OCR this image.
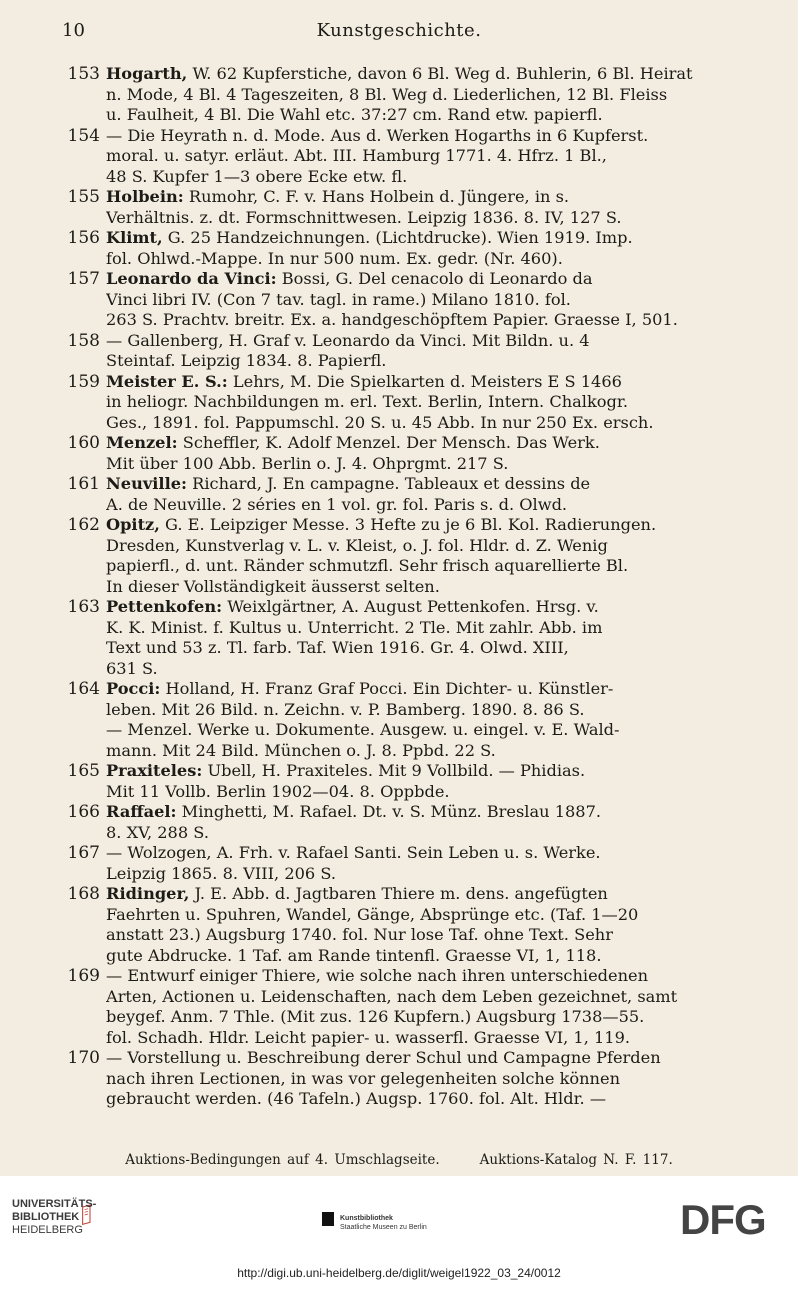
10	Kunstgeschichte.
153 Hogarth, W. 62 Kupferstiche, davon 6 Bl. Weg d. Buhlerin, 6 Bl. Heirat
n. Mode, 4 Bl. 4 Tageszeiten, 8 Bl. Weg d. Liederlichen, 12 Bl. Fleiss
u. Faulheit, 4 Bl. Die Wahl etc. 37:27 cm. Rand etw. papierfl.
154 — Die Heyrath n. d. Mode. Aus d. Werken Hogarths in 6 Kupferst.
moral. u. satyr. erläut. Abt. III. Hamburg 1771. 4. Hfrz. 1 Bl.,
48 S. Kupfer 1—3 obere Ecke etw. fl.
155 Holbein: Rumohr, C. F. v. Hans Holbein d. Jüngere, in s.
Verhältnis. z. dt. Formschnittwesen. Leipzig 1836. 8. IV, 127 S.
156 Klimt, G. 25 Handzeichnungen. (Lichtdrucke). Wien 1919. Imp.
fol. Ohlwd.-Mappe. In nur 500 num. Ex. gedr. (Nr. 460).
157 Leonardo da Vinci: Bossi, G. Del cenacolo di Leonardo da
Vinci libri IV. (Con 7 tav. tagl. in rame.) Milano 1810. fol.
263 S. Prachtv. breitr. Ex. a. handgeschöpftem Papier. Graesse I, 501.
158 — Gallenberg, H. Graf v. Leonardo da Vinci. Mit Bildn. u. 4
Steintaf. Leipzig 1834. 8. Papierfl.
159 Meister E. S.: Lehrs, M. Die Spielkarten d. Meisters E S 1466
in heliogr. Nachbildungen m. erl. Text. Berlin, Intern. Chalkogr.
Ges., 1891. fol. Pappumschl. 20 S. u. 45 Abb. In nur 250 Ex. ersch.
160 Menzel: Scheffler, K. Adolf Menzel. Der Mensch. Das Werk.
Mit über 100 Abb. Berlin o. J. 4. Ohprgmt. 217 S.
161 Neuville: Richard, J. En campagne. Tableaux et dessins de
A. de Neuville. 2 séries en 1 vol. gr. fol. Paris s. d. Olwd.
162 Opitz, G. E. Leipziger Messe. 3 Hefte zu je 6 Bl. Kol. Radierungen.
Dresden, Kunstverlag v. L. v. Kleist, o. J. fol. Hldr. d. Z. Wenig
papierfl., d. unt. Ränder schmutzfl. Sehr frisch aquarellierte Bl.
In dieser Vollständigkeit äusserst selten.
163 Pettenkofen: Weixlgärtner, A. August Pettenkofen. Hrsg. v.
K. K. Minist. f. Kultus u. Unterricht. 2 Tle. Mit zahlr. Abb. im
Text und 53 z. Tl. farb. Taf. Wien 1916. Gr. 4. Olwd. XIII,
631 S.
164 Pocci: Holland, H. Franz Graf Pocci. Ein Dichter- u. Künstler-
leben. Mit 26 Bild. n. Zeichn. v. P. Bamberg. 1890. 8. 86 S.
— Menzel. Werke u. Dokumente. Ausgew. u. eingel. v. E. Wald-
mann. Mit 24 Bild. München o. J. 8. Ppbd. 22 S.
165 Praxiteles: Ubell, H. Praxiteles. Mit 9 Vollbild. — Phidias.
Mit 11 Vollb. Berlin 1902—04. 8. Oppbde.
166 Raffael: Minghetti, M. Rafael. Dt. v. S. Münz. Breslau 1887.
8. XV, 288 S.
167 — Wolzogen, A. Frh. v. Rafael Santi. Sein Leben u. s. Werke.
Leipzig 1865. 8. VIII, 206 S.
168 Ridinger, J. E. Abb. d. Jagtbaren Thiere m. dens. angefügten
Faehrten u. Spuhren, Wandel, Gänge, Absprünge etc. (Taf. 1—20
anstatt 23.) Augsburg 1740. fol. Nur lose Taf. ohne Text. Sehr
gute Abdrucke. 1 Taf. am Rande tintenfl. Graesse VI, 1, 118.
169 — Entwurf einiger Thiere, wie solche nach ihren unterschiedenen
Arten, Actionen u. Leidenschaften, nach dem Leben gezeichnet, samt
beygef. Anm. 7 Thle. (Mit zus. 126 Kupfern.) Augsburg 1738—55.
fol. Schadh. Hldr. Leicht papier- u. wasserfl. Graesse VI, 1, 119.
170 — Vorstellung u. Beschreibung derer Schul und Campagne Pferden
nach ihren Lectionen, in was vor gelegenheiten solche können
gebraucht werden. (46 Tafeln.) Augsp. 1760. fol. Alt. Hldr. —
Auktions-Bedingungen auf 4. Umschlagseite.	Auktions-Katalog N. F. 117.
UNIVERSITÄTS-
BIBLIOTHEK
HEIDELBERG
Kunstbibliothek
Staatliche Museen zu Berlin	DFG
http://digi.ub.uni-heidelberg.de/diglit/weigel1922_03_24/0012
